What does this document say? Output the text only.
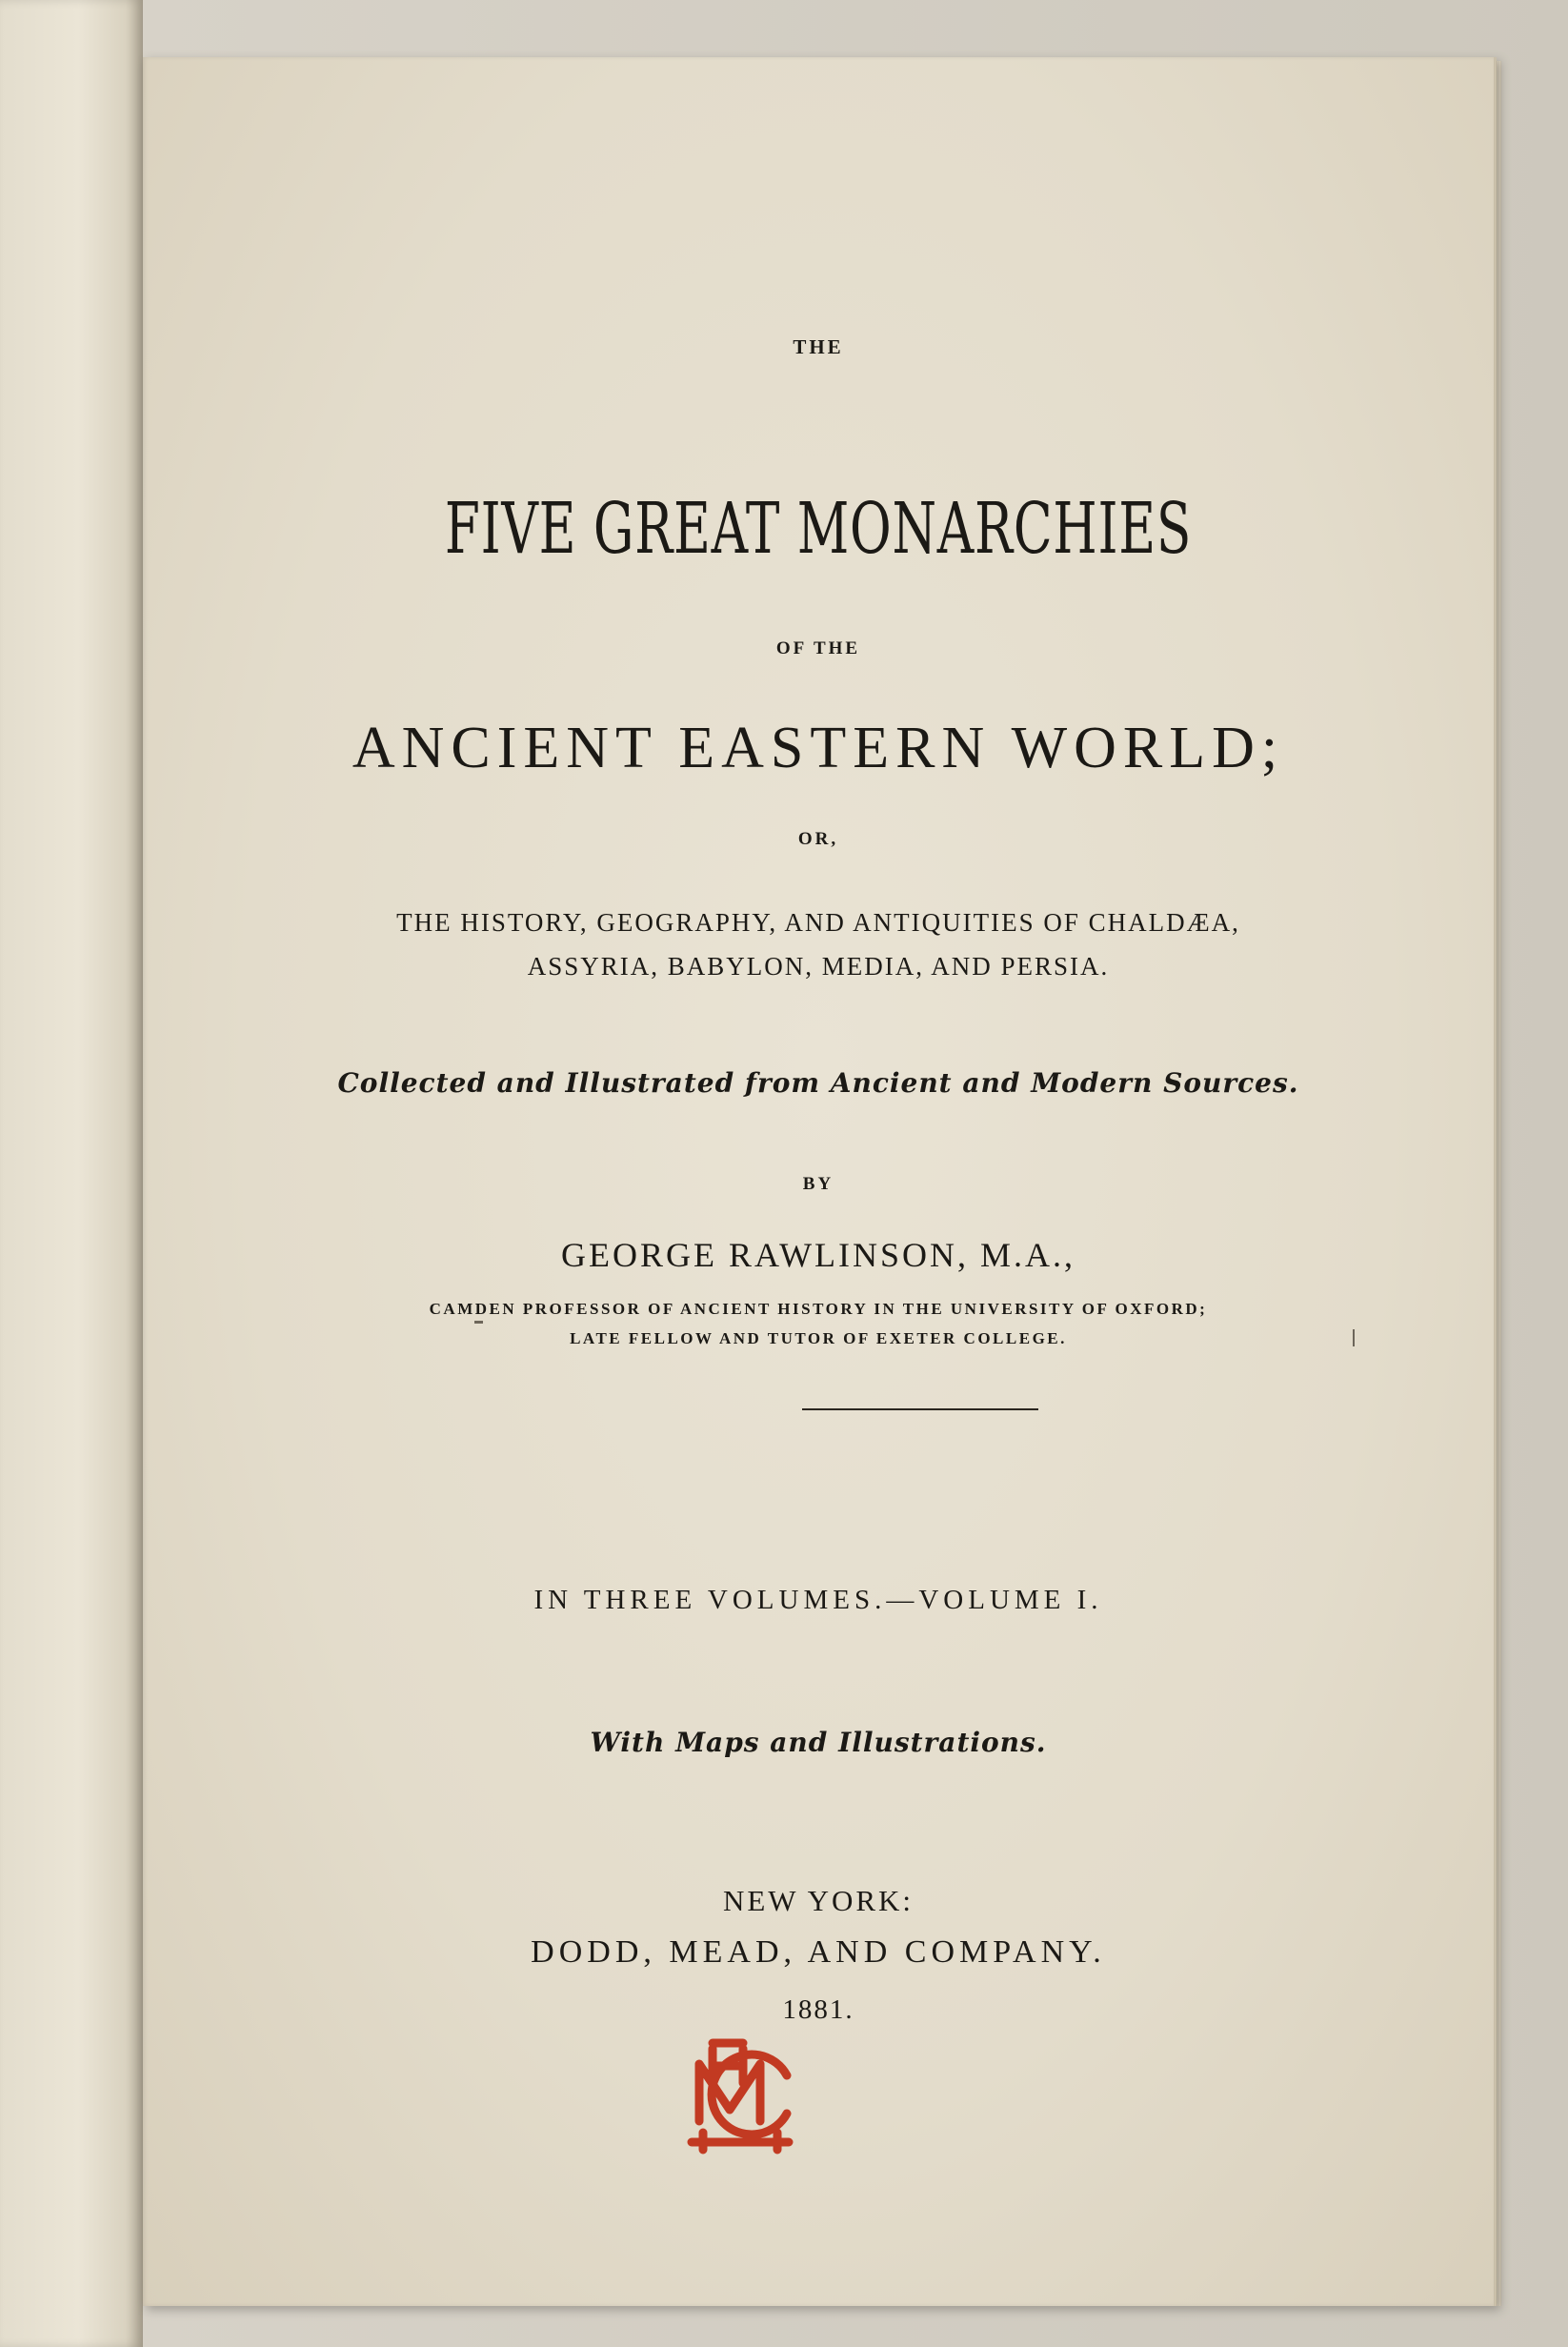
THE
FIVE GREAT MONARCHIES
OF THE
ANCIENT EASTERN WORLD;
OR,
THE HISTORY, GEOGRAPHY, AND ANTIQUITIES OF CHALDÆA,
ASSYRIA, BABYLON, MEDIA, AND PERSIA.
Collected and Illustrated from Ancient and Modern Sources.
BY
GEORGE RAWLINSON, M.A.,
CAMDEN PROFESSOR OF ANCIENT HISTORY IN THE UNIVERSITY OF OXFORD;
LATE FELLOW AND TUTOR OF EXETER COLLEGE.
IN THREE VOLUMES.—VOLUME I.
With Maps and Illustrations.
NEW YORK:
DODD, MEAD, AND COMPANY.
1881.
